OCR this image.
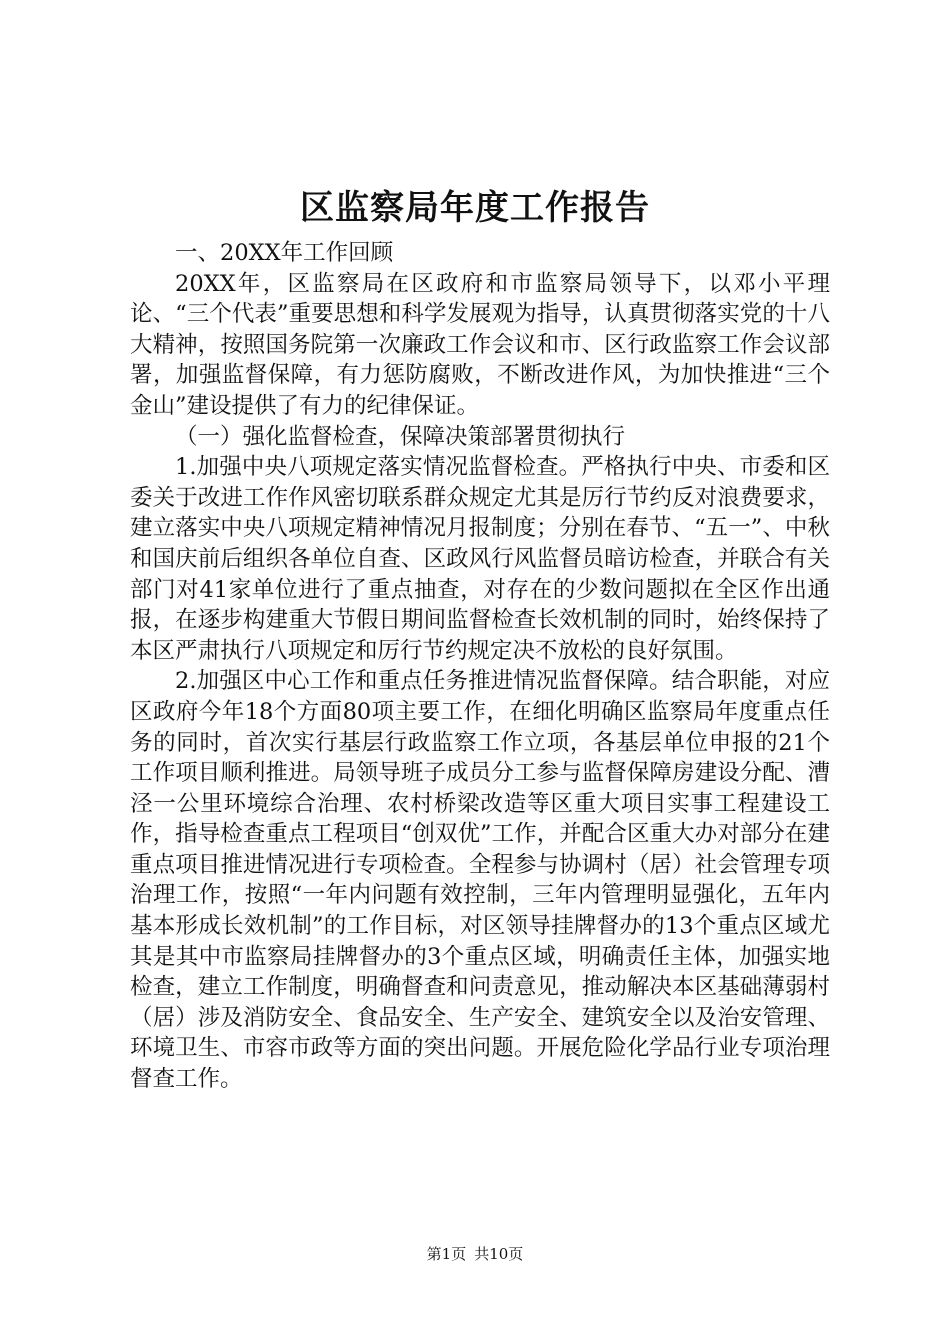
区监察局年度工作报告

一、20XX年工作回顾

20XX年，区监察局在区政府和市监察局领导下，以邓小平理论、“三个代表”重要思想和科学发展观为指导，认真贯彻落实党的十八大精神，按照国务院第一次廉政工作会议和市、区行政监察工作会议部署，加强监督保障，有力惩防腐败，不断改进作风，为加快推进“三个金山”建设提供了有力的纪律保证。

（一）强化监督检查，保障决策部署贯彻执行

1.加强中央八项规定落实情况监督检查。严格执行中央、市委和区委关于改进工作作风密切联系群众规定尤其是厉行节约反对浪费要求，建立落实中央八项规定精神情况月报制度；分别在春节、“五一”、中秋和国庆前后组织各单位自查、区政风行风监督员暗访检查，并联合有关部门对41家单位进行了重点抽查，对存在的少数问题拟在全区作出通报，在逐步构建重大节假日期间监督检查长效机制的同时，始终保持了本区严肃执行八项规定和厉行节约规定决不放松的良好氛围。

2.加强区中心工作和重点任务推进情况监督保障。结合职能，对应区政府今年18个方面80项主要工作，在细化明确区监察局年度重点任务的同时，首次实行基层行政监察工作立项，各基层单位申报的21个工作项目顺利推进。局领导班子成员分工参与监督保障房建设分配、漕泾一公里环境综合治理、农村桥梁改造等区重大项目实事工程建设工作，指导检查重点工程项目“创双优”工作，并配合区重大办对部分在建重点项目推进情况进行专项检查。全程参与协调村（居）社会管理专项治理工作，按照“一年内问题有效控制，三年内管理明显强化，五年内基本形成长效机制”的工作目标，对区领导挂牌督办的13个重点区域尤其是其中市监察局挂牌督办的3个重点区域，明确责任主体，加强实地检查，建立工作制度，明确督查和问责意见，推动解决本区基础薄弱村（居）涉及消防安全、食品安全、生产安全、建筑安全以及治安管理、环境卫生、市容市政等方面的突出问题。开展危险化学品行业专项治理督查工作。

第1页 共10页
